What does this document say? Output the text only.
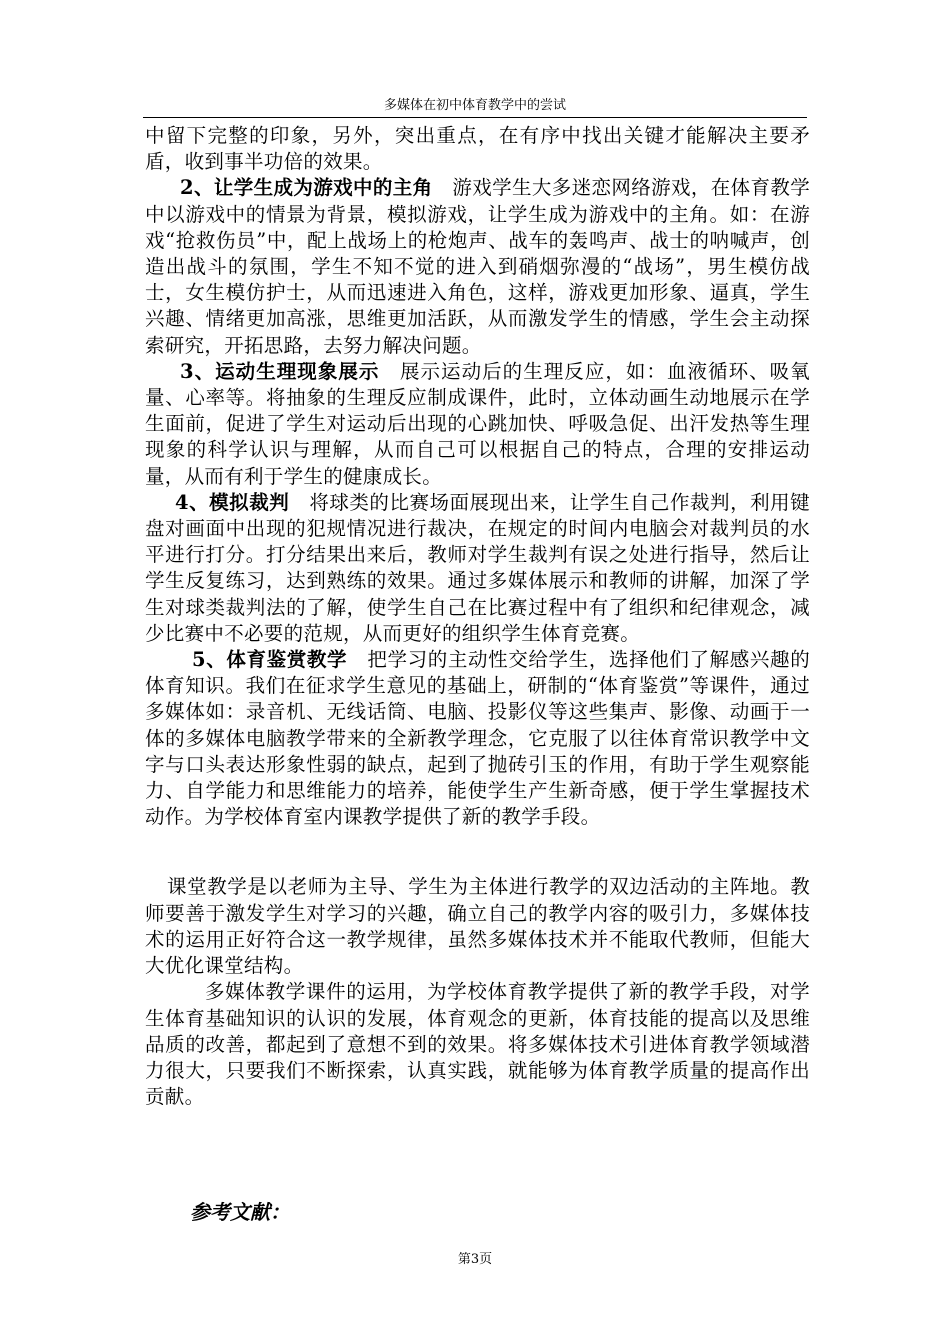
多媒体在初中体育教学中的尝试

中留下完整的印象，另外，突出重点，在有序中找出关键才能解决主要矛盾，收到事半功倍的效果。

2、让学生成为游戏中的主角  游戏学生大多迷恋网络游戏，在体育教学中以游戏中的情景为背景，模拟游戏，让学生成为游戏中的主角。如：在游戏“抢救伤员”中，配上战场上的枪炮声、战车的轰鸣声、战士的呐喊声，创造出战斗的氛围，学生不知不觉的进入到硝烟弥漫的“战场”，男生模仿战士，女生模仿护士，从而迅速进入角色，这样，游戏更加形象、逼真，学生兴趣、情绪更加高涨，思维更加活跃，从而激发学生的情感，学生会主动探索研究，开拓思路，去努力解决问题。

3、运动生理现象展示  展示运动后的生理反应，如：血液循环、吸氧量、心率等。将抽象的生理反应制成课件，此时，立体动画生动地展示在学生面前，促进了学生对运动后出现的心跳加快、呼吸急促、出汗发热等生理现象的科学认识与理解，从而自己可以根据自己的特点，合理的安排运动量，从而有利于学生的健康成长。

4、模拟裁判  将球类的比赛场面展现出来，让学生自己作裁判，利用键盘对画面中出现的犯规情况进行裁决，在规定的时间内电脑会对裁判员的水平进行打分。打分结果出来后，教师对学生裁判有误之处进行指导，然后让学生反复练习，达到熟练的效果。通过多媒体展示和教师的讲解，加深了学生对球类裁判法的了解，使学生自己在比赛过程中有了组织和纪律观念，减少比赛中不必要的范规，从而更好的组织学生体育竞赛。

5、体育鉴赏教学  把学习的主动性交给学生，选择他们了解感兴趣的体育知识。我们在征求学生意见的基础上，研制的“体育鉴赏”等课件，通过多媒体如：录音机、无线话筒、电脑、投影仪等这些集声、影像、动画于一体的多媒体电脑教学带来的全新教学理念，它克服了以往体育常识教学中文字与口头表达形象性弱的缺点，起到了抛砖引玉的作用，有助于学生观察能力、自学能力和思维能力的培养，能使学生产生新奇感，便于学生掌握技术动作。为学校体育室内课教学提供了新的教学手段。

课堂教学是以老师为主导、学生为主体进行教学的双边活动的主阵地。教师要善于激发学生对学习的兴趣，确立自己的教学内容的吸引力，多媒体技术的运用正好符合这一教学规律，虽然多媒体技术并不能取代教师，但能大大优化课堂结构。

多媒体教学课件的运用，为学校体育教学提供了新的教学手段，对学生体育基础知识的认识的发展，体育观念的更新，体育技能的提高以及思维品质的改善，都起到了意想不到的效果。将多媒体技术引进体育教学领域潜力很大，只要我们不断探索，认真实践，就能够为体育教学质量的提高作出贡献。

参考文献：
第3页
